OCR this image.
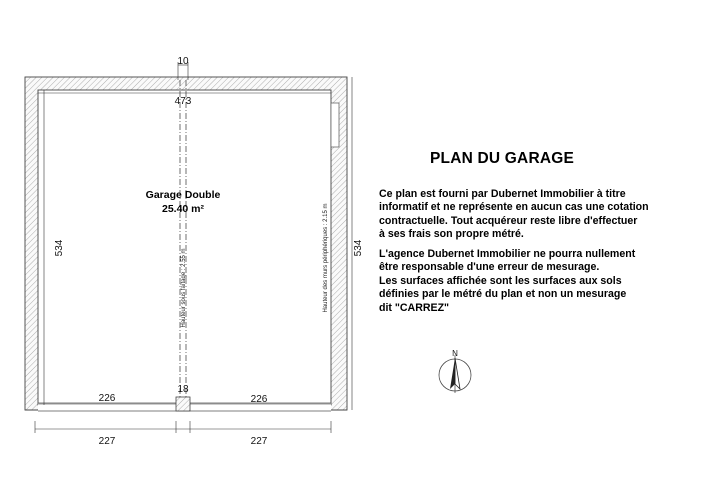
10
473
534	534
18
226	226
227	227
Garage Double
25.40 m²
Hauteur sous faîtage : 2.55 m	Hauteur des murs périphériques : 2.15 m
N
PLAN DU GARAGE

Ce plan est fourni par Dubernet Immobilier à titre

informatif et ne représente en aucun cas une cotation

contractuelle. Tout acquéreur reste libre d'effectuer

à ses frais son propre métré.

L'agence Dubernet Immobilier ne pourra nullement

être responsable d'une erreur de mesurage.

Les surfaces affichée sont les surfaces aux sols

définies par le métré du plan et non un mesurage

dit "CARREZ"
